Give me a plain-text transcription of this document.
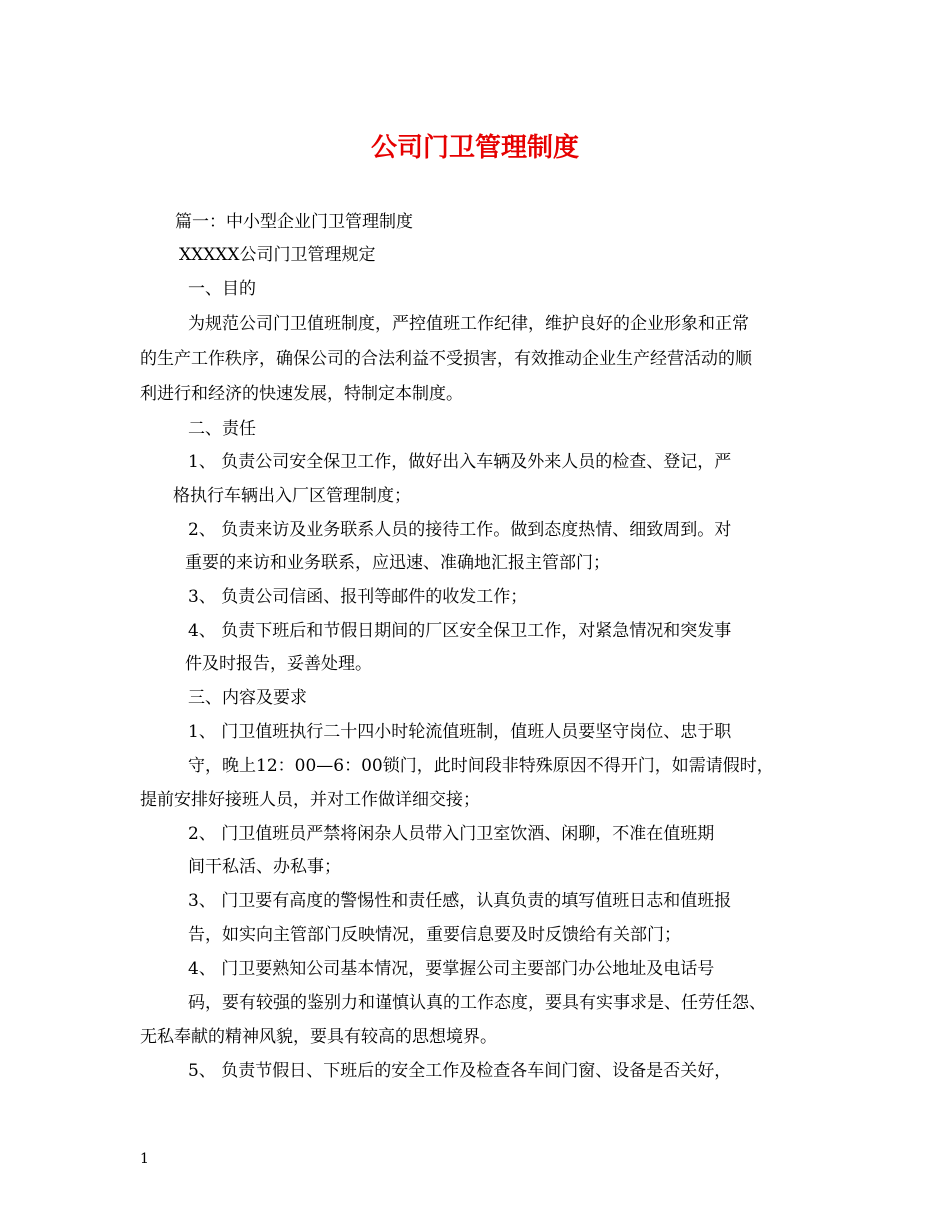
公司门卫管理制度

篇一：中小型企业门卫管理制度

XXXXX公司门卫管理规定

一、目的

为规范公司门卫值班制度，严控值班工作纪律，维护良好的企业形象和正常

的生产工作秩序，确保公司的合法利益不受损害，有效推动企业生产经营活动的顺

利进行和经济的快速发展，特制定本制度。

二、责任

1、 负责公司安全保卫工作，做好出入车辆及外来人员的检查、登记，严

格执行车辆出入厂区管理制度；

2、 负责来访及业务联系人员的接待工作。做到态度热情、细致周到。对

重要的来访和业务联系，应迅速、准确地汇报主管部门；

3、 负责公司信函、报刊等邮件的收发工作；

4、 负责下班后和节假日期间的厂区安全保卫工作，对紧急情况和突发事

件及时报告，妥善处理。

三、内容及要求

1、 门卫值班执行二十四小时轮流值班制，值班人员要坚守岗位、忠于职

守，晚上12：00—6：00锁门，此时间段非特殊原因不得开门，如需请假时，

提前安排好接班人员，并对工作做详细交接；

2、 门卫值班员严禁将闲杂人员带入门卫室饮酒、闲聊，不准在值班期

间干私活、办私事；

3、 门卫要有高度的警惕性和责任感，认真负责的填写值班日志和值班报

告，如实向主管部门反映情况，重要信息要及时反馈给有关部门；

4、 门卫要熟知公司基本情况，要掌握公司主要部门办公地址及电话号

码，要有较强的鉴别力和谨慎认真的工作态度，要具有实事求是、任劳任怨、

无私奉献的精神风貌，要具有较高的思想境界。

5、 负责节假日、下班后的安全工作及检查各车间门窗、设备是否关好，

1
